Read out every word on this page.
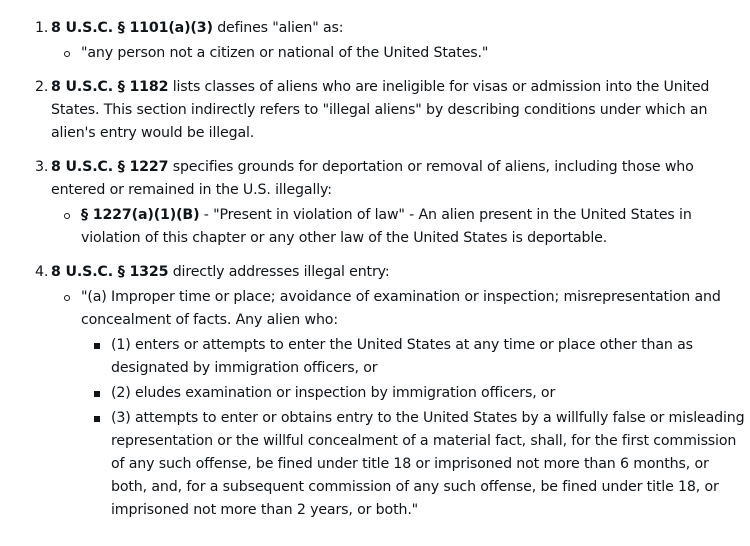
1. 8 U.S.C. § 1101(a)(3) defines "alien" as:
"any person not a citizen or national of the United States."
2. 8 U.S.C. § 1182 lists classes of aliens who are ineligible for visas or admission into the United States. This section indirectly refers to "illegal aliens" by describing conditions under which an alien's entry would be illegal.
3. 8 U.S.C. § 1227 specifies grounds for deportation or removal of aliens, including those who entered or remained in the U.S. illegally:
§ 1227(a)(1)(B) - "Present in violation of law" - An alien present in the United States in violation of this chapter or any other law of the United States is deportable.
4. 8 U.S.C. § 1325 directly addresses illegal entry:
"(a) Improper time or place; avoidance of examination or inspection; misrepresentation and concealment of facts. Any alien who:
(1) enters or attempts to enter the United States at any time or place other than as designated by immigration officers, or
(2) eludes examination or inspection by immigration officers, or
(3) attempts to enter or obtains entry to the United States by a willfully false or misleading representation or the willful concealment of a material fact, shall, for the first commission of any such offense, be fined under title 18 or imprisoned not more than 6 months, or both, and, for a subsequent commission of any such offense, be fined under title 18, or imprisoned not more than 2 years, or both."
